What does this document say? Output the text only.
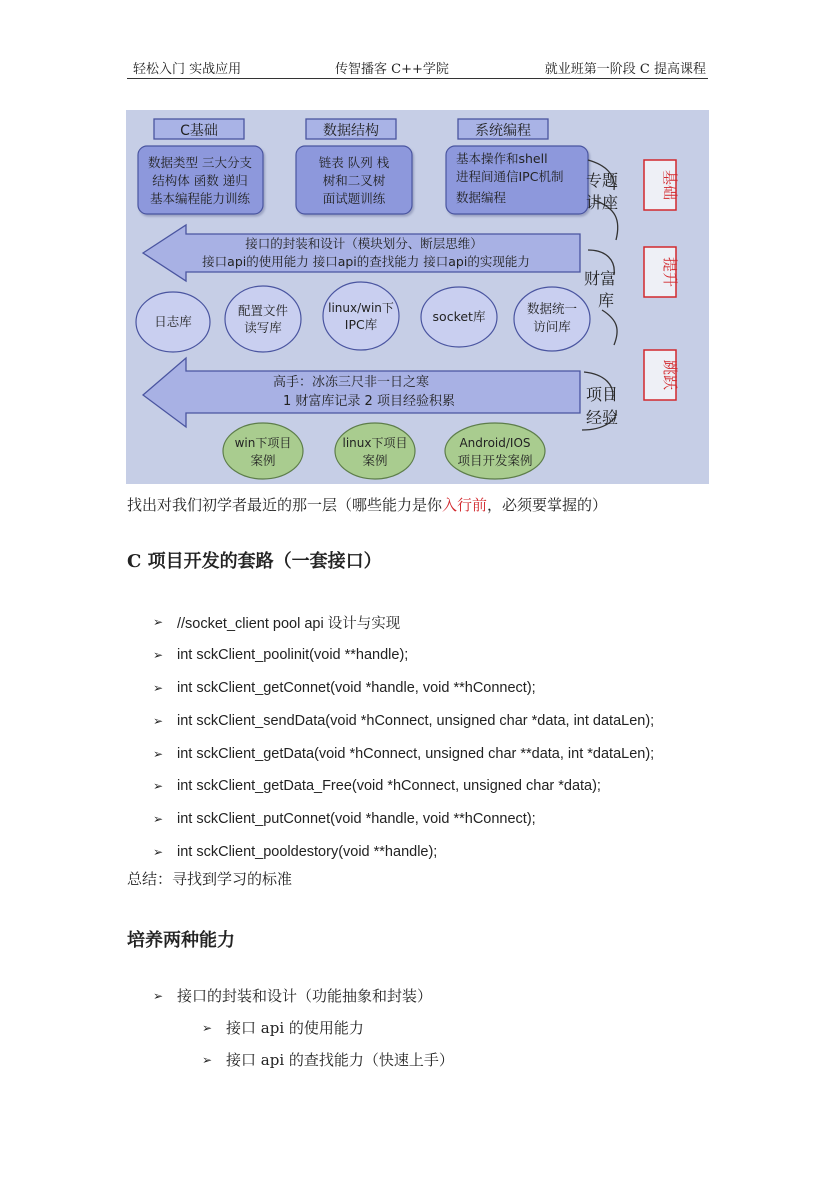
轻松入门 实战应用	传智播客 C++学院	就业班第一阶段 C 提高课程
C基础	数据结构	系统编程
数据类型 三大分支
结构体 函数 递归
基本编程能力训练
链表 队列 栈
树和二叉树
面试题训练
基本操作和shell
进程间通信IPC机制
数据编程
接口的封装和设计（模块划分、断层思维）
接口api的使用能力 接口api的查找能力 接口api的实现能力
日志库
配置文件
读写库
linux/win下
IPC库
socket库
数据统一
访问库
高手：冰冻三尺非一日之寒
1 财富库记录 2 项目经验积累
win下项目
案例
linux下项目
案例
Android/IOS
项目开发案例
专题
讲座
财富
库
项目
经验
基础
提升
跳跃
找出对我们初学者最近的那一层（哪些能力是你入行前，必须要掌握的）
C 项目开发的套路（一套接口）
➢ //socket_client pool api 设计与实现
➢ int sckClient_poolinit(void **handle);
➢ int sckClient_getConnet(void *handle, void **hConnect);
➢ int sckClient_sendData(void *hConnect, unsigned char *data, int dataLen);
➢ int sckClient_getData(void *hConnect, unsigned char **data, int *dataLen);
➢ int sckClient_getData_Free(void *hConnect, unsigned char *data);
➢ int sckClient_putConnet(void *handle, void **hConnect);
➢ int sckClient_pooldestory(void **handle);
总结：寻找到学习的标准
培养两种能力
➢ 接口的封装和设计（功能抽象和封装）
➢ 接口 api 的使用能力
➢ 接口 api 的查找能力（快速上手）
